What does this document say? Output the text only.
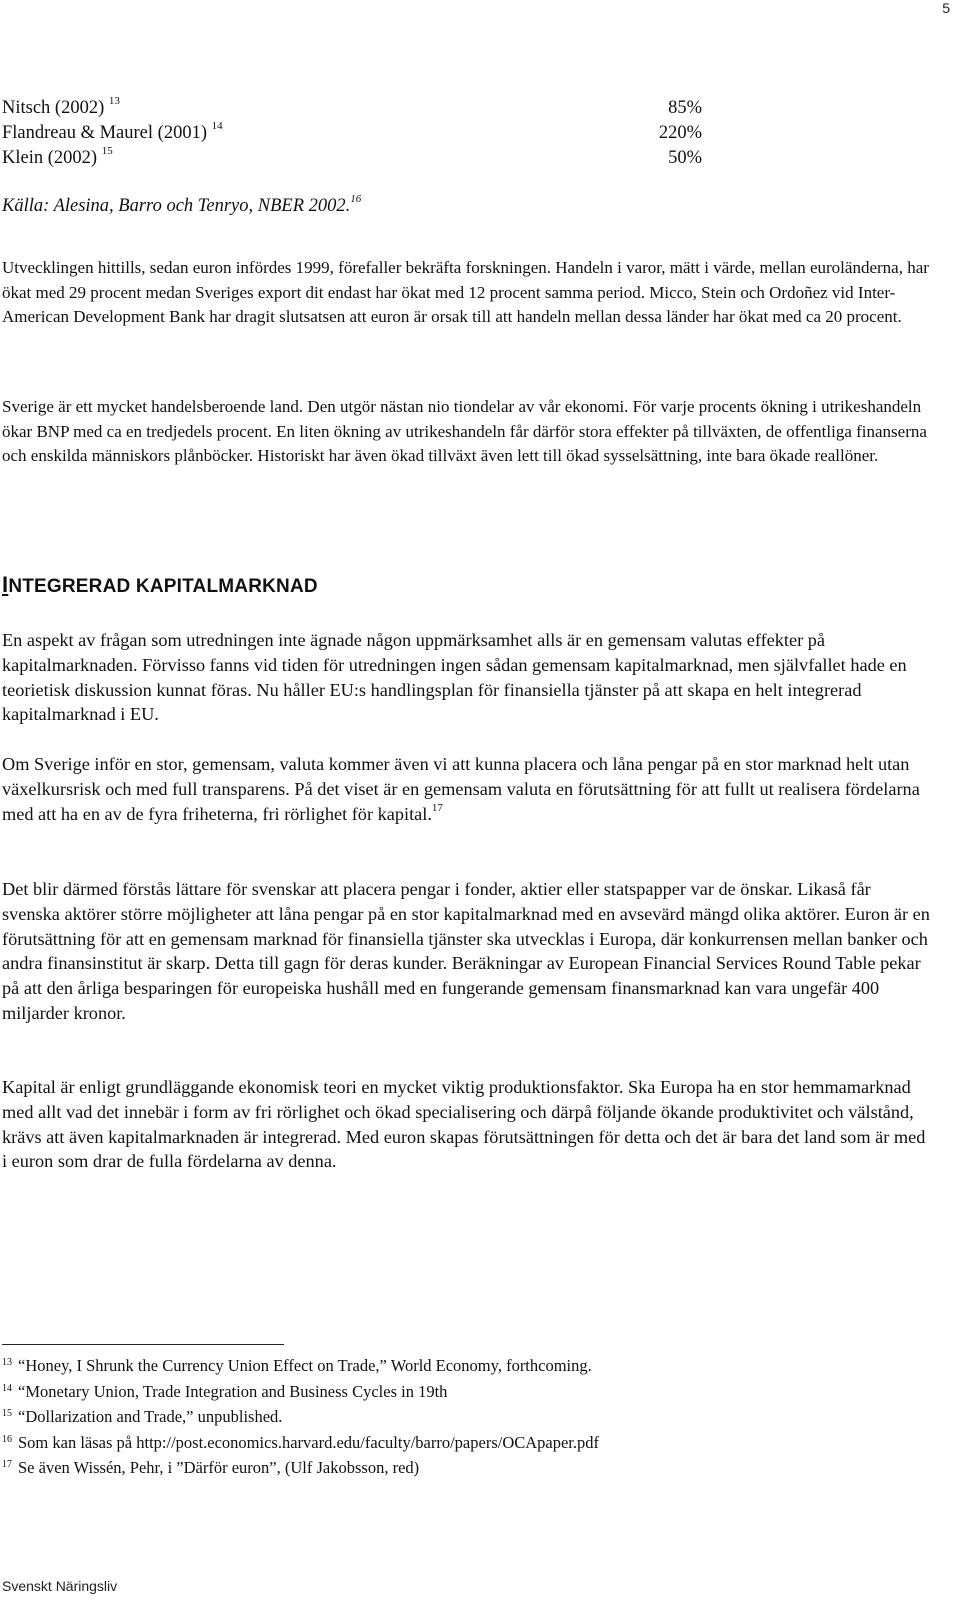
5
Nitsch (2002) $^{13}$	85%
Flandreau & Maurel (2001) $^{14}$	220%
Klein (2002) $^{15}$	50%
Källa: Alesina, Barro och Tenryo, NBER 2002.16

Utvecklingen hittills, sedan euron infördes 1999, förefaller bekräfta forskningen. Handeln i varor, mätt i värde, mellan euroländerna, har ökat med 29 procent medan Sveriges export dit endast har ökat med 12 procent samma period. Micco, Stein och Ordoñez vid Inter-American Development Bank har dragit slutsatsen att euron är orsak till att handeln mellan dessa länder har ökat med ca 20 procent.

Sverige är ett mycket handelsberoende land. Den utgör nästan nio tiondelar av vår ekonomi. För varje procents ökning i utrikeshandeln ökar BNP med ca en tredjedels procent. En liten ökning av utrikeshandeln får därför stora effekter på tillväxten, de offentliga finanserna och enskilda människors plånböcker. Historiskt har även ökad tillväxt även lett till ökad sysselsättning, inte bara ökade reallöner.

INTEGRERAD KAPITALMARKNAD

En aspekt av frågan som utredningen inte ägnade någon uppmärksamhet alls är en gemensam valutas effekter på kapitalmarknaden. Förvisso fanns vid tiden för utredningen ingen sådan gemensam kapitalmarknad, men självfallet hade en teorietisk diskussion kunnat föras. Nu håller EU:s handlingsplan för finansiella tjänster på att skapa en helt integrerad kapitalmarknad i EU.

Om Sverige inför en stor, gemensam, valuta kommer även vi att kunna placera och låna pengar på en stor marknad helt utan växelkursrisk och med full transparens. På det viset är en gemensam valuta en förutsättning för att fullt ut realisera fördelarna med att ha en av de fyra friheterna, fri rörlighet för kapital.$^{17}$

Det blir därmed förstås lättare för svenskar att placera pengar i fonder, aktier eller statspapper var de önskar. Likaså får svenska aktörer större möjligheter att låna pengar på en stor kapitalmarknad med en avsevärd mängd olika aktörer. Euron är en förutsättning för att en gemensam marknad för finansiella tjänster ska utvecklas i Europa, där konkurrensen mellan banker och andra finansinstitut är skarp. Detta till gagn för deras kunder. Beräkningar av European Financial Services Round Table pekar på att den årliga besparingen för europeiska hushåll med en fungerande gemensam finansmarknad kan vara ungefär 400 miljarder kronor.

Kapital är enligt grundläggande ekonomisk teori en mycket viktig produktionsfaktor. Ska Europa ha en stor hemmamarknad med allt vad det innebär i form av fri rörlighet och ökad specialisering och därpå följande ökande produktivitet och välstånd, krävs att även kapitalmarknaden är integrerad. Med euron skapas förutsättningen för detta och det är bara det land som är med i euron som drar de fulla fördelarna av denna.

$^{13}$ “Honey, I Shrunk the Currency Union Effect on Trade,” World Economy, forthcoming.
$^{14}$ “Monetary Union, Trade Integration and Business Cycles in 19th
$^{15}$ “Dollarization and Trade,” unpublished.
$^{16}$ Som kan läsas på http://post.economics.harvard.edu/faculty/barro/papers/OCApaper.pdf
$^{17}$ Se även Wissén, Pehr, i ”Därför euron”, (Ulf Jakobsson, red)
Svenskt Näringsliv
